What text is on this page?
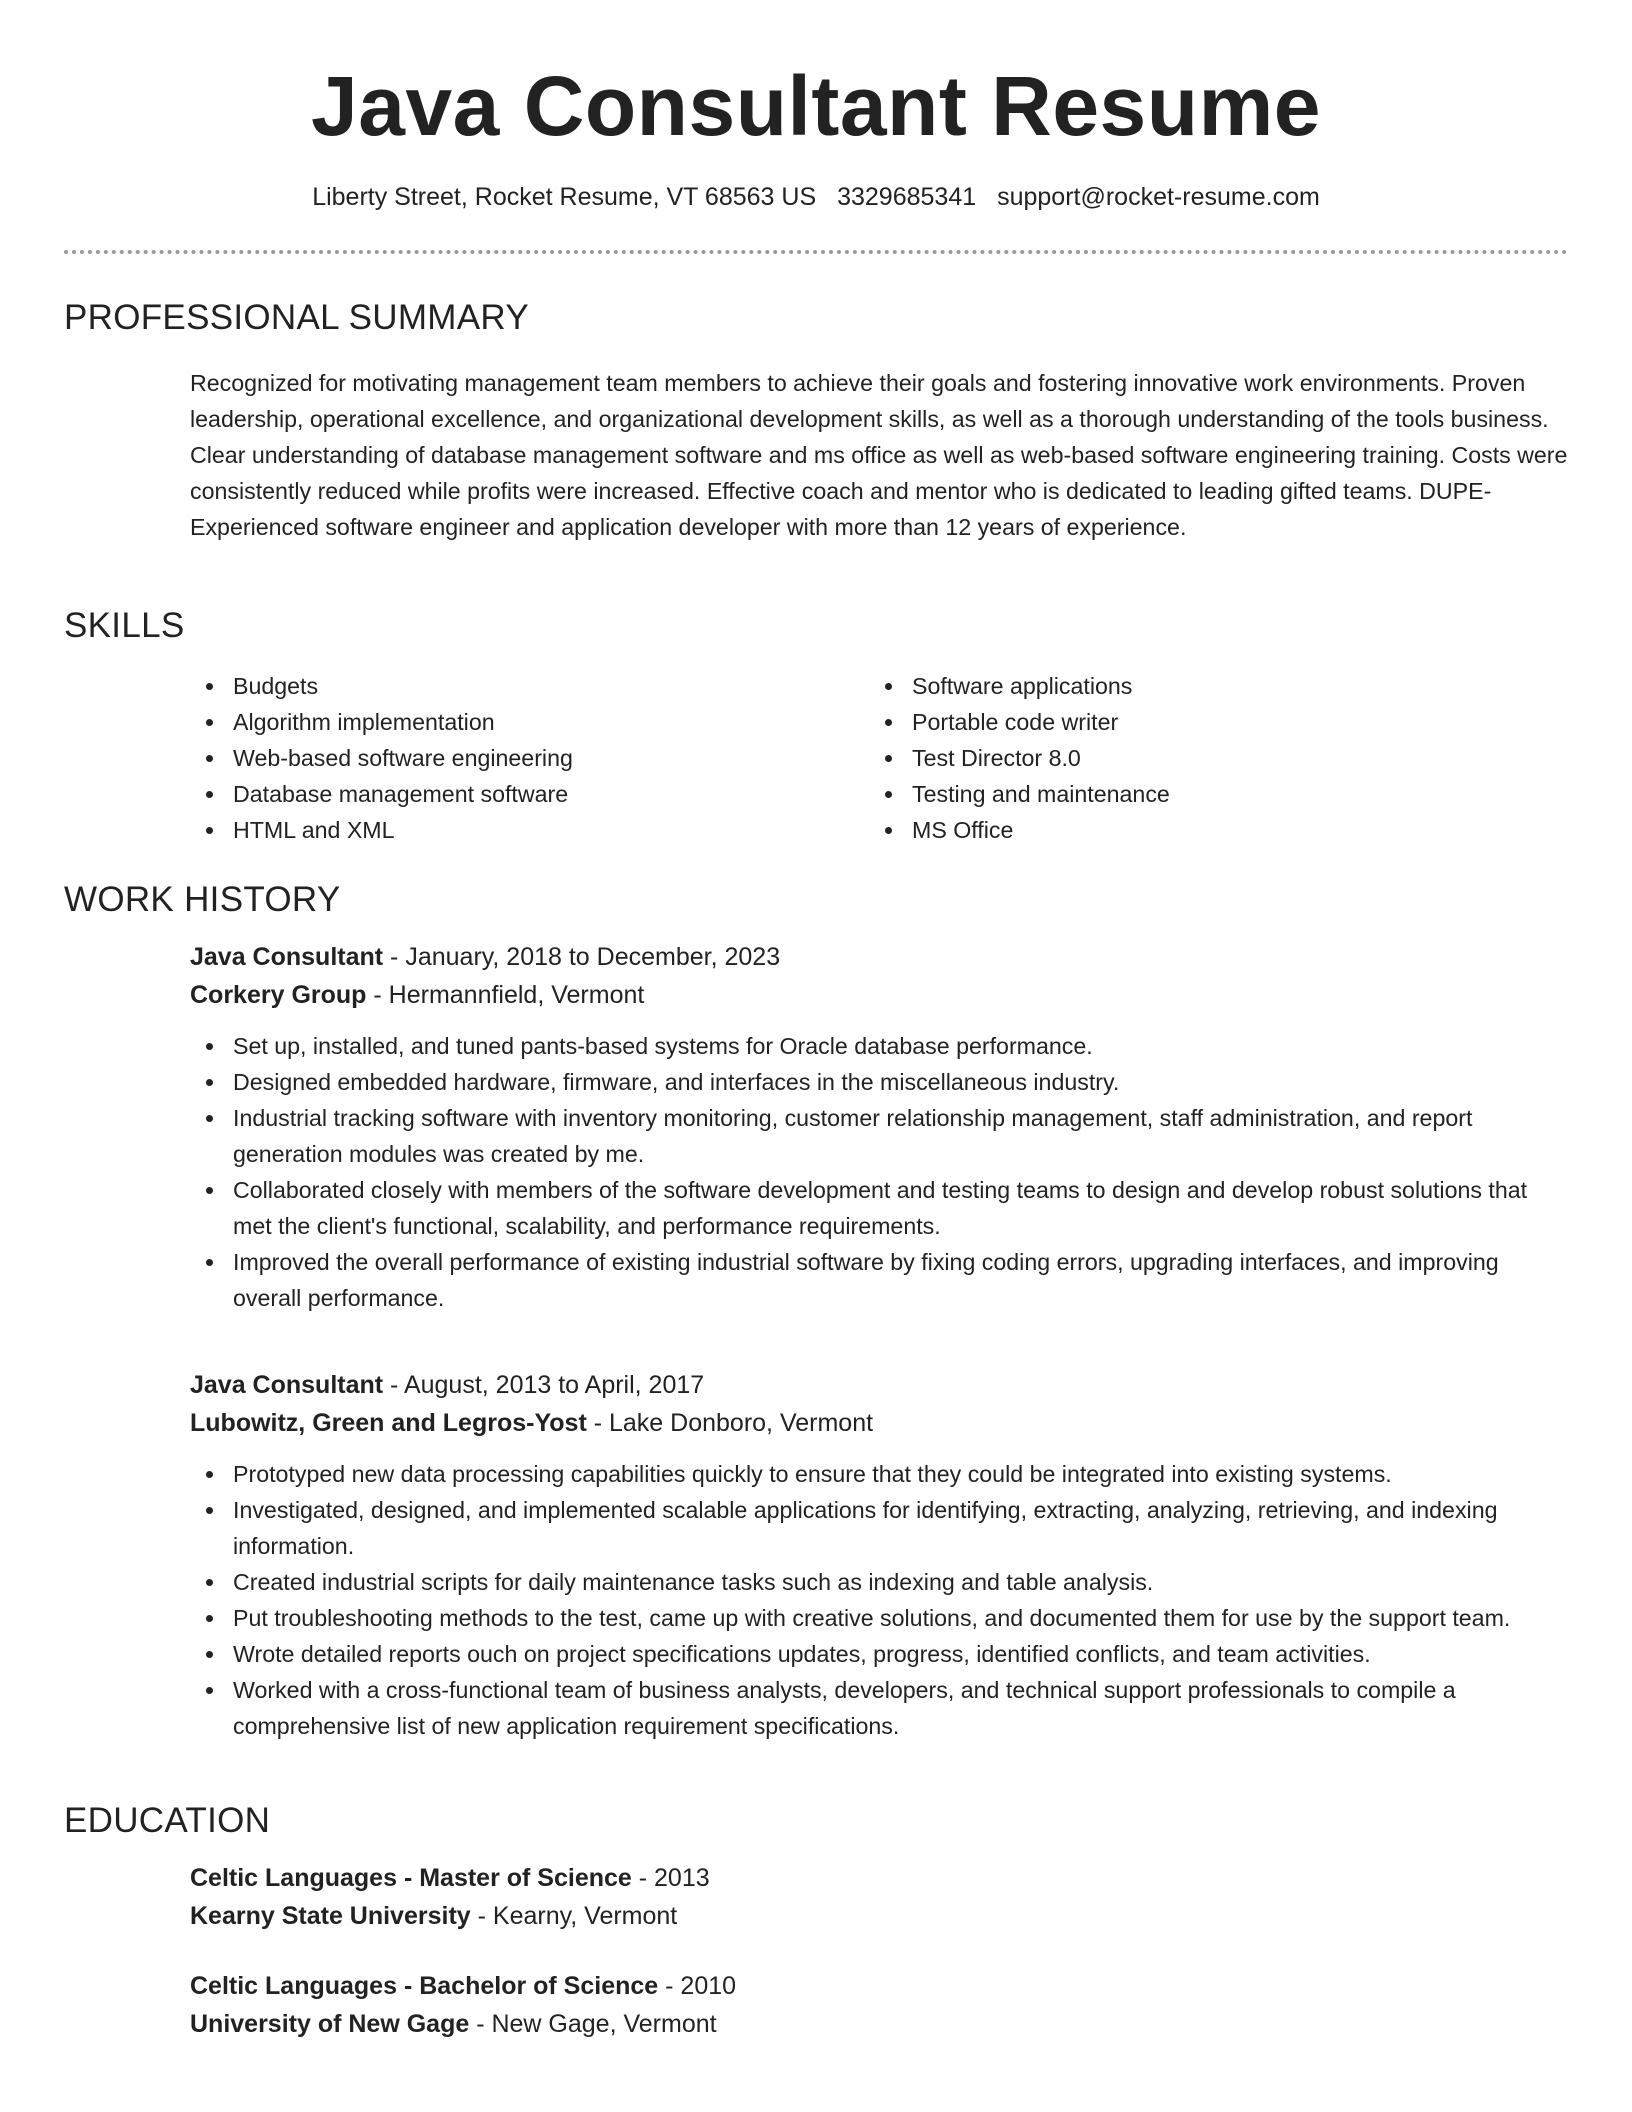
Java Consultant Resume
Liberty Street, Rocket Resume, VT 68563 US 3329685341 support@rocket-resume.com
PROFESSIONAL SUMMARY
Recognized for motivating management team members to achieve their goals and fostering innovative work environments. Proven leadership, operational excellence, and organizational development skills, as well as a thorough understanding of the tools business. Clear understanding of database management software and ms office as well as web-based software engineering training. Costs were consistently reduced while profits were increased. Effective coach and mentor who is dedicated to leading gifted teams. DUPE- Experienced software engineer and application developer with more than 12 years of experience.
SKILLS
Budgets
Algorithm implementation
Web-based software engineering
Database management software
HTML and XML
Software applications
Portable code writer
Test Director 8.0
Testing and maintenance
MS Office
WORK HISTORY
Java Consultant - January, 2018 to December, 2023
Corkery Group - Hermannfield, Vermont
Set up, installed, and tuned pants-based systems for Oracle database performance.
Designed embedded hardware, firmware, and interfaces in the miscellaneous industry.
Industrial tracking software with inventory monitoring, customer relationship management, staff administration, and report generation modules was created by me.
Collaborated closely with members of the software development and testing teams to design and develop robust solutions that met the client's functional, scalability, and performance requirements.
Improved the overall performance of existing industrial software by fixing coding errors, upgrading interfaces, and improving overall performance.
Java Consultant - August, 2013 to April, 2017
Lubowitz, Green and Legros-Yost - Lake Donboro, Vermont
Prototyped new data processing capabilities quickly to ensure that they could be integrated into existing systems.
Investigated, designed, and implemented scalable applications for identifying, extracting, analyzing, retrieving, and indexing information.
Created industrial scripts for daily maintenance tasks such as indexing and table analysis.
Put troubleshooting methods to the test, came up with creative solutions, and documented them for use by the support team.
Wrote detailed reports ouch on project specifications updates, progress, identified conflicts, and team activities.
Worked with a cross-functional team of business analysts, developers, and technical support professionals to compile a comprehensive list of new application requirement specifications.
EDUCATION
Celtic Languages - Master of Science - 2013
Kearny State University - Kearny, Vermont
Celtic Languages - Bachelor of Science - 2010
University of New Gage - New Gage, Vermont
